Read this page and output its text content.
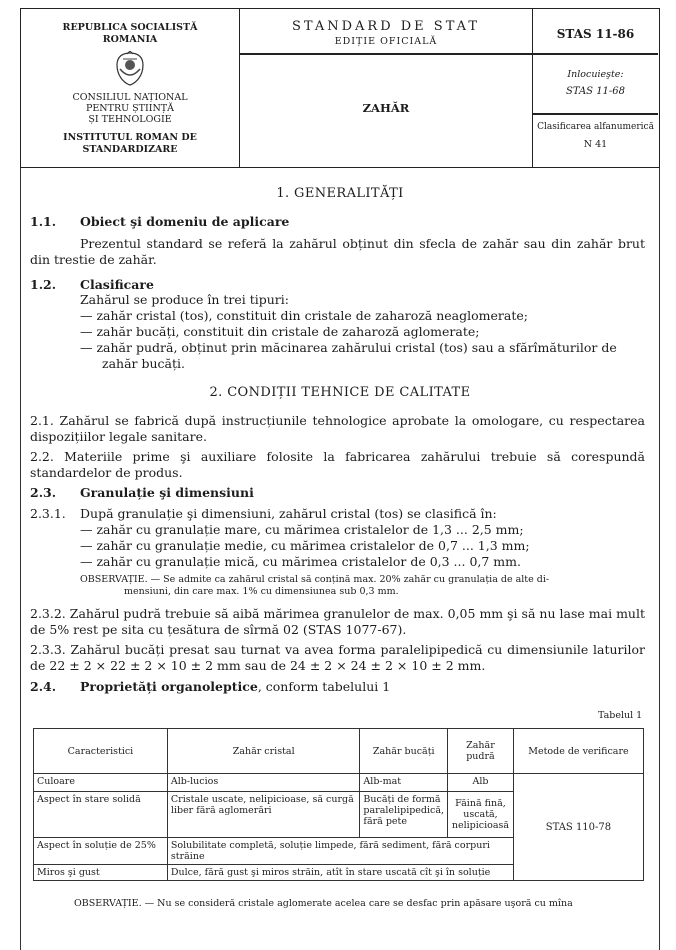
REPUBLICA SOCIALISTĂ
ROMANIA
CONSILIUL NAȚIONAL
PENTRU ȘTIINȚĂ
ȘI TEHNOLOGIE
INSTITUTUL ROMAN DE
STANDARDIZARE
STANDARD DE STAT
EDIȚIE OFICIALĂ
ZAHĂR
STAS 11-86
Inlocuieşte:
STAS 11-68
Clasificarea alfanumerică
N 41
1. GENERALITĂȚI
1.1. Obiect şi domeniu de aplicare
Prezentul standard se referă la zahărul obținut din sfecla de zahăr sau din zahăr brut din trestie de zahăr.
1.2. Clasificare
Zahărul se produce în trei tipuri:
— zahăr cristal (tos), constituit din cristale de zaharoză neaglomerate;
— zahăr bucăți, constituit din cristale de zaharoză aglomerate;
— zahăr pudră, obținut prin măcinarea zahărului cristal (tos) sau a sfărîmăturilor de
zahăr bucăți.
2. CONDIȚII TEHNICE DE CALITATE
2.1. Zahărul se fabrică după instrucțiunile tehnologice aprobate la omologare, cu respectarea dispozițiilor legale sanitare.
2.2. Materiile prime şi auxiliare folosite la fabricarea zahărului trebuie să corespundă standardelor de produs.
2.3. Granulație şi dimensiuni
2.3.1. După granulație şi dimensiuni, zahărul cristal (tos) se clasifică în:
— zahăr cu granulație mare, cu mărimea cristalelor de 1,3 ... 2,5 mm;
— zahăr cu granulație medie, cu mărimea cristalelor de 0,7 ... 1,3 mm;
— zahăr cu granulație mică, cu mărimea cristalelor de 0,3 ... 0,7 mm.
OBSERVAȚIE. — Se admite ca zahărul cristal să conțină max. 20% zahăr cu granulația de alte di-
mensiuni, din care max. 1% cu dimensiunea sub 0,3 mm.
2.3.2. Zahărul pudră trebuie să aibă mărimea granulelor de max. 0,05 mm şi să nu lase mai mult de 5% rest pe sita cu țesătura de sîrmă 02 (STAS 1077-67).
2.3.3. Zahărul bucăți presat sau turnat va avea forma paralelipipedică cu dimensiunile laturilor de 22 ± 2 × 22 ± 2 × 10 ± 2 mm sau de 24 ± 2 × 24 ± 2 × 10 ± 2 mm.
2.4. Proprietăți organoleptice, conform tabelului 1
Tabelul 1
Caracteristici	Zahăr cristal	Zahăr bucăți	Zahăr pudră	Metode de verificare
Culoare	Alb-lucios	Alb-mat	Alb	STAS 110-78
Aspect în stare solidă	Cristale uscate, nelipicioase, să curgă liber fără aglomerări	Bucăți de formă paralelipipedică, fără pete	Făină fină, uscată, nelipicioasă	
Aspect în soluție de 25%	Solubilitate completă, soluție limpede, fără sediment, fără corpuri străine			
Miros şi gust	Dulce, fără gust şi miros străin, atît în stare uscată cît şi în soluție			
OBSERVAȚIE. — Nu se consideră cristale aglomerate acelea care se desfac prin apăsare uşoră cu mîna
